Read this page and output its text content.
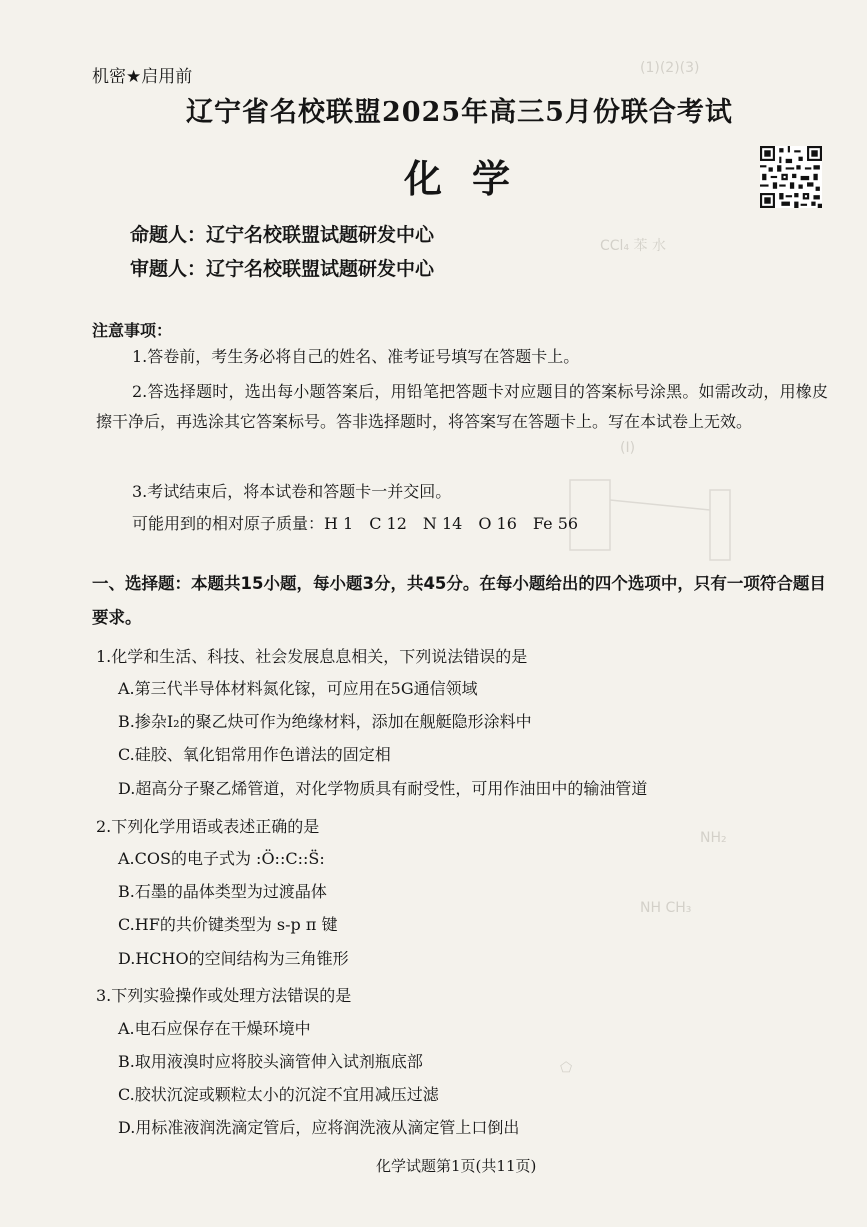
(1)(2)(3)
CCl₄ 苯 水
(I)
NH₂
NH CH₃
⬠
机密★启用前
辽宁省名校联盟2025年高三5月份联合考试
化学
命题人：辽宁名校联盟试题研发中心
审题人：辽宁名校联盟试题研发中心
注意事项：
1.答卷前，考生务必将自己的姓名、准考证号填写在答题卡上。
2.答选择题时，选出每小题答案后，用铅笔把答题卡对应题目的答案标号涂黑。如需改动，用橡皮擦干净后，再选涂其它答案标号。答非选择题时，将答案写在答题卡上。写在本试卷上无效。
3.考试结束后，将本试卷和答题卡一并交回。
可能用到的相对原子质量：H 1　C 12　N 14　O 16　Fe 56
一、选择题：本题共15小题，每小题3分，共45分。在每小题给出的四个选项中，只有一项符合题目要求。
1.化学和生活、科技、社会发展息息相关，下列说法错误的是
A.第三代半导体材料氮化镓，可应用在5G通信领域
B.掺杂I₂的聚乙炔可作为绝缘材料，添加在舰艇隐形涂料中
C.硅胶、氧化铝常用作色谱法的固定相
D.超高分子聚乙烯管道，对化学物质具有耐受性，可用作油田中的输油管道
2.下列化学用语或表述正确的是
A.COS的电子式为 :Ö::C::S̈:
B.石墨的晶体类型为过渡晶体
C.HF的共价键类型为 s-p π 键
D.HCHO的空间结构为三角锥形
3.下列实验操作或处理方法错误的是
A.电石应保存在干燥环境中
B.取用液溴时应将胶头滴管伸入试剂瓶底部
C.胶状沉淀或颗粒太小的沉淀不宜用减压过滤
D.用标准液润洗滴定管后，应将润洗液从滴定管上口倒出
化学试题第1页(共11页)
